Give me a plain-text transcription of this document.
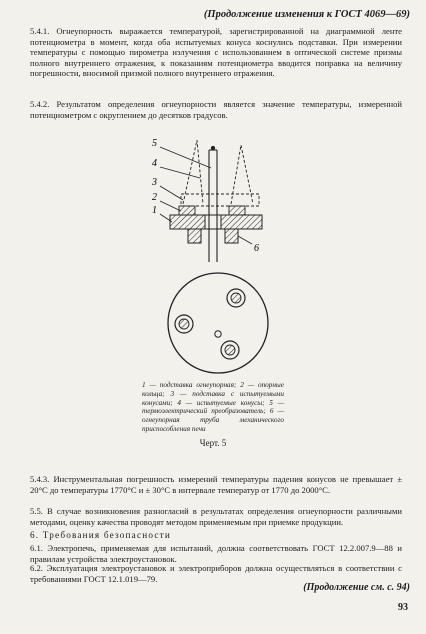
(Продолжение изменения к ГОСТ 4069—69)

5.4.1. Огнеупорность выражается температурой, зарегистрированной на диаграммной ленте потенциометра в момент, когда оба испытуемых конуса коснулись подставки. При измерении температуры с помощью пирометра излучения с использованием в оптической системе призмы полного внутреннего отражения, к показаниям потенциометра вводится поправка на величину погрешности, вносимой призмой полного внутреннего отражения.

5.4.2. Результатом определения огнеупорности является значение температуры, измеренной потенциометром с округлением до десятков градусов.

5
4
3
2
1
6

1 — подставка огнеупорная; 2 — опорные кольца; 3 — подставка с испытуемыми конусами; 4 — испытуемые конусы; 5 — термоэлектрический преобразователь; 6 — огнеупорная труба механического приспособления печи

Черт. 5

5.4.3. Инструментальная погрешность измерений температуры падения конусов не превышает ± 20°С до температуры 1770°С и ± 30°С в интервале температур от 1770 до 2000°С.

5.5. В случае возникновения разногласий в результатах определения огнеупорности различными методами, оценку качества проводят методом применяемым при приемке продукции.

6. Требования безопасности

6.1. Электропечь, применяемая для испытаний, должна соответствовать ГОСТ 12.2.007.9—88 и правилам устройства электроустановок.

6.2. Эксплуатация электроустановок и электроприборов должна осуществляться в соответствии с требованиями ГОСТ 12.1.019—79.

(Продолжение см. с. 94)
93
